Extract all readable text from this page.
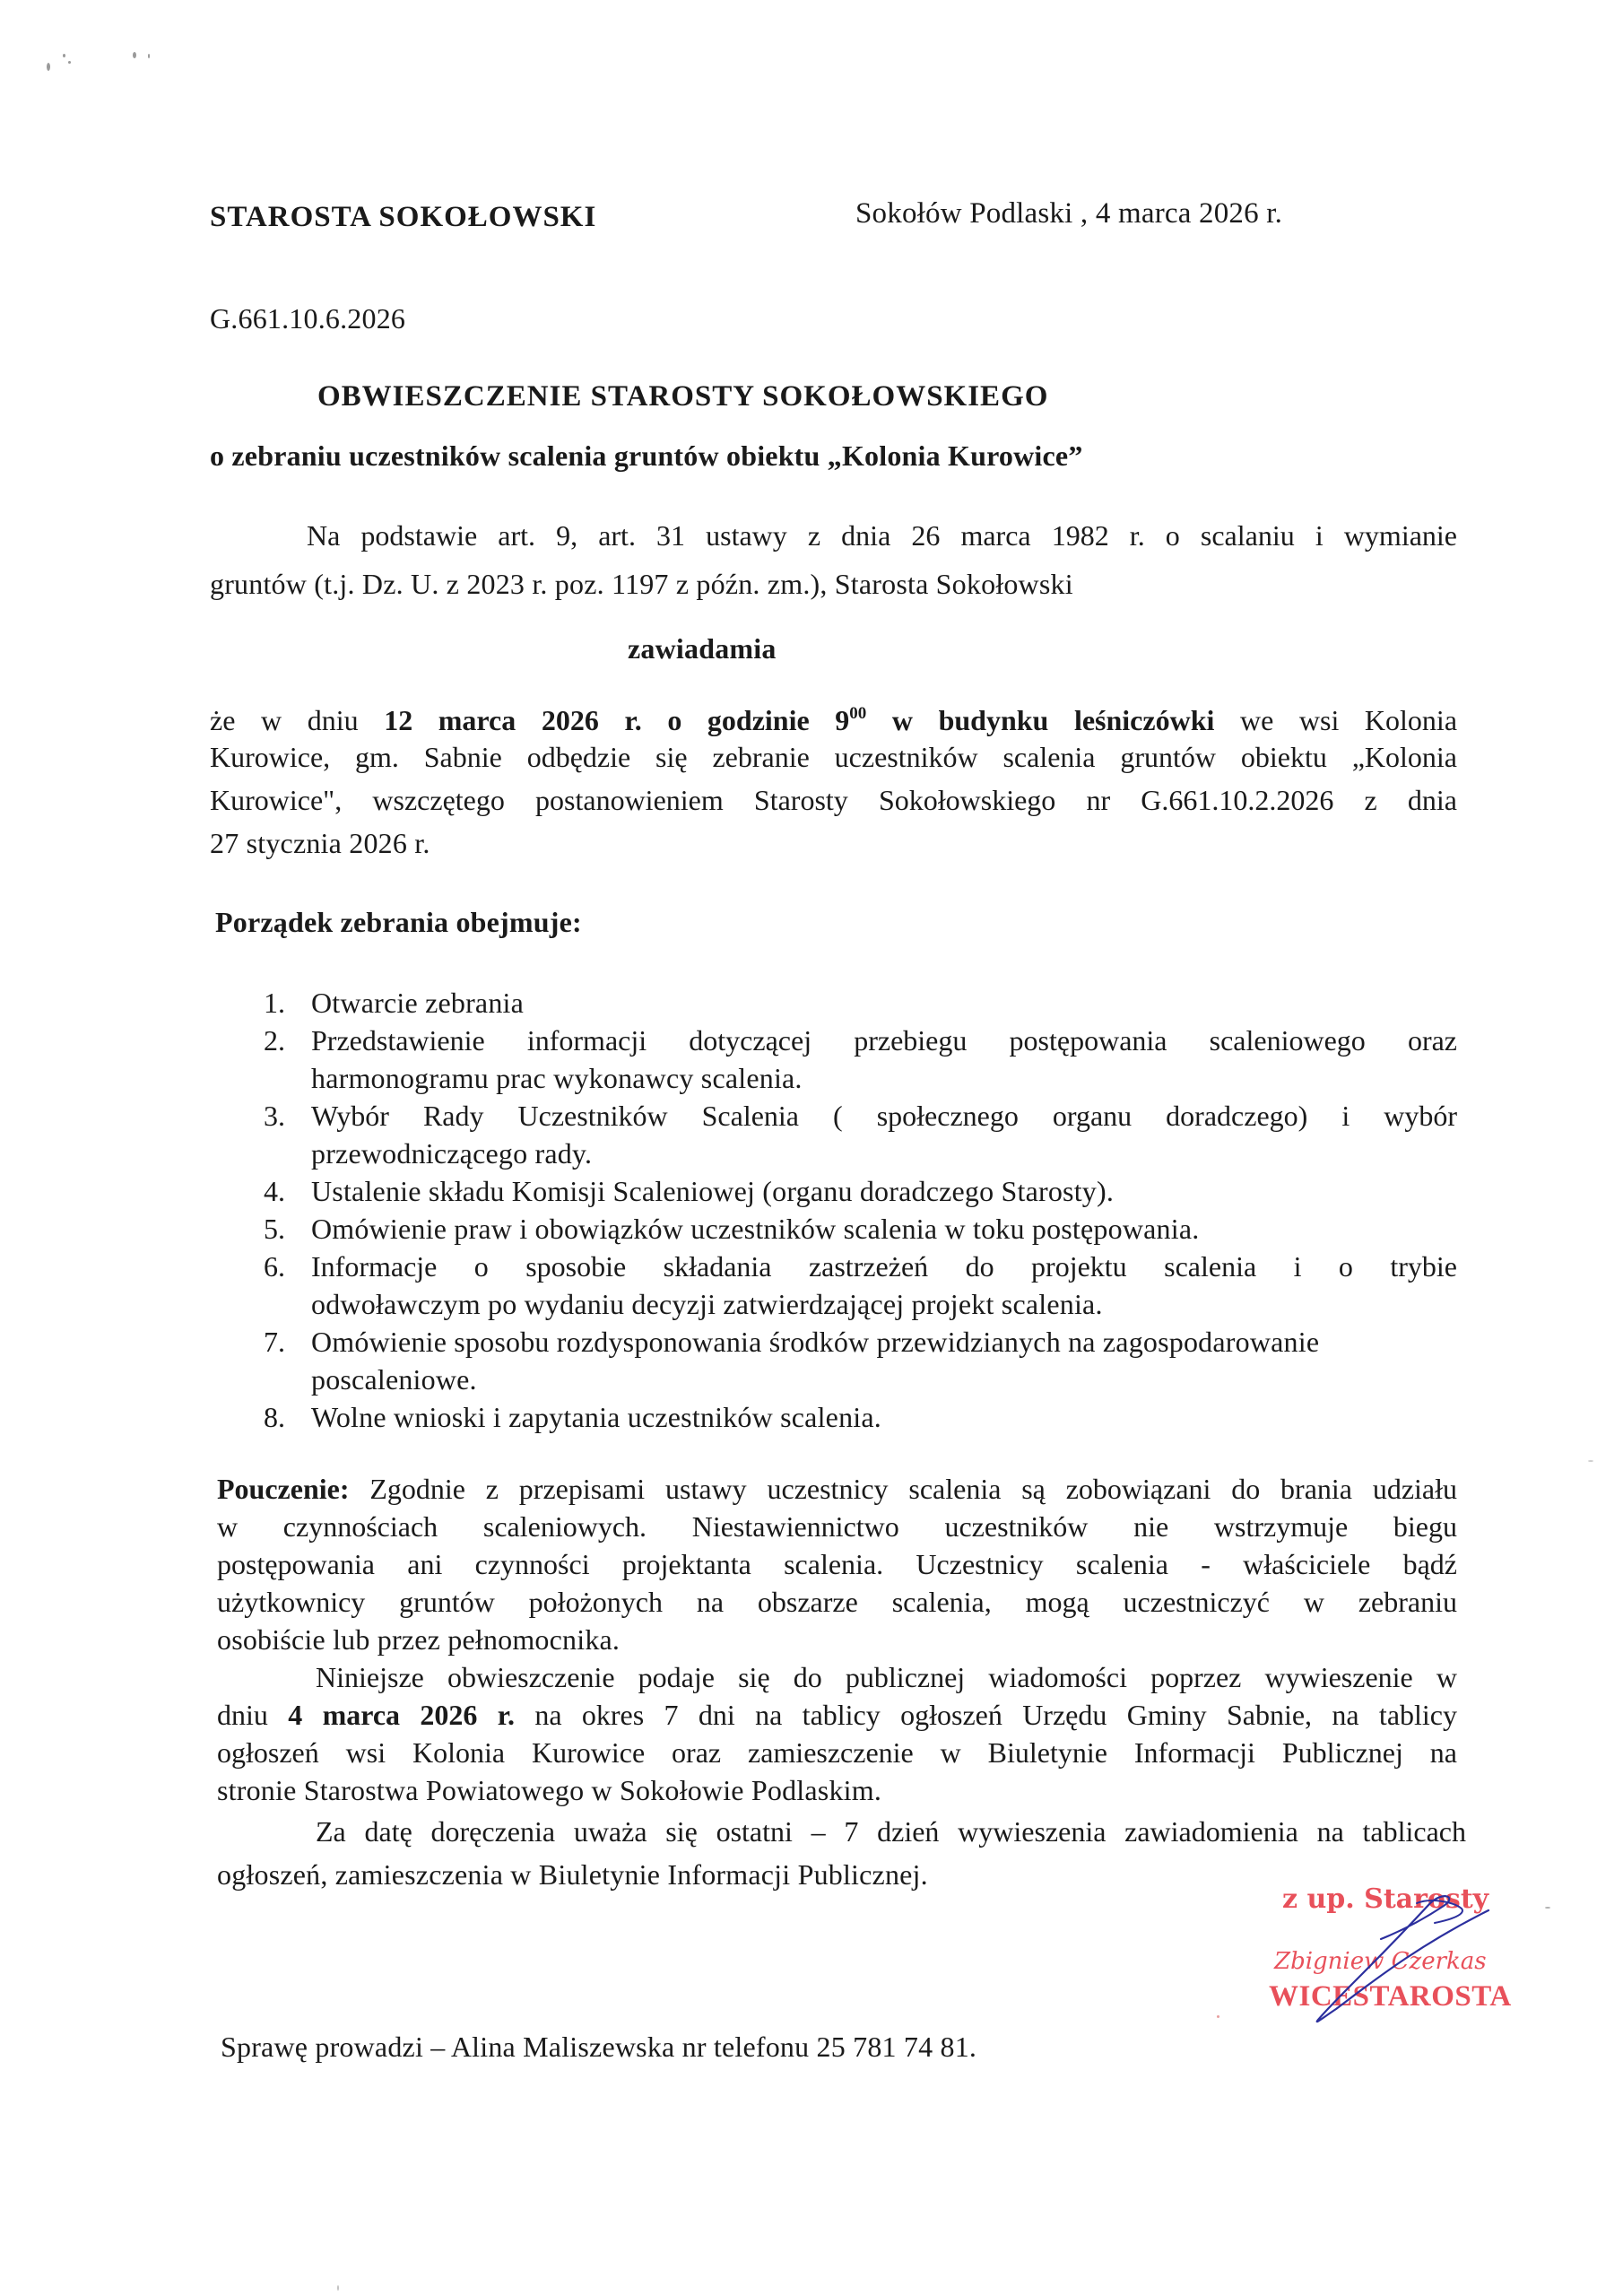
STAROSTA SOKOŁOWSKI	Sokołów Podlaski , 4 marca 2026 r.
G.661.10.6.2026
OBWIESZCZENIE STAROSTY SOKOŁOWSKIEGO
o zebraniu uczestników scalenia gruntów obiektu „Kolonia Kurowice”
Na podstawie art. 9, art. 31 ustawy z dnia 26 marca 1982 r. o scalaniu i wymianie
gruntów (t.j. Dz. U. z 2023 r. poz. 1197 z późn. zm.), Starosta Sokołowski
zawiadamia
że w dniu 12 marca 2026 r. o godzinie $9^{00}$ w budynku leśniczówki we wsi Kolonia
Kurowice, gm. Sabnie odbędzie się zebranie uczestników scalenia gruntów obiektu „Kolonia
Kurowice", wszczętego postanowieniem Starosty Sokołowskiego nr G.661.10.2.2026 z dnia
27 stycznia 2026 r.
Porządek zebrania obejmuje:
1. Otwarcie zebrania
2. Przedstawienie informacji dotyczącej przebiegu postępowania scaleniowego oraz
harmonogramu prac wykonawcy scalenia.
3. Wybór Rady Uczestników Scalenia ( społecznego organu doradczego) i wybór
przewodniczącego rady.
4. Ustalenie składu Komisji Scaleniowej (organu doradczego Starosty).
5. Omówienie praw i obowiązków uczestników scalenia w toku postępowania.
6. Informacje o sposobie składania zastrzeżeń do projektu scalenia i o trybie
odwoławczym po wydaniu decyzji zatwierdzającej projekt scalenia.
7. Omówienie sposobu rozdysponowania środków przewidzianych na zagospodarowanie
poscaleniowe.
8. Wolne wnioski i zapytania uczestników scalenia.
Pouczenie: Zgodnie z przepisami ustawy uczestnicy scalenia są zobowiązani do brania udziału
w czynnościach scaleniowych. Niestawiennictwo uczestników nie wstrzymuje biegu
postępowania ani czynności projektanta scalenia. Uczestnicy scalenia - właściciele bądź
użytkownicy gruntów położonych na obszarze scalenia, mogą uczestniczyć w zebraniu
osobiście lub przez pełnomocnika.
Niniejsze obwieszczenie podaje się do publicznej wiadomości poprzez wywieszenie w
dniu 4 marca 2026 r. na okres 7 dni na tablicy ogłoszeń Urzędu Gminy Sabnie, na tablicy
ogłoszeń wsi Kolonia Kurowice oraz zamieszczenie w Biuletynie Informacji Publicznej na
stronie Starostwa Powiatowego w Sokołowie Podlaskim.
Za datę doręczenia uważa się ostatni – 7 dzień wywieszenia zawiadomienia na tablicach
ogłoszeń, zamieszczenia w Biuletynie Informacji Publicznej.
z up. Starosty
Zbigniew Czerkas
WICESTAROSTA
Sprawę prowadzi – Alina Maliszewska nr telefonu 25 781 74 81.
